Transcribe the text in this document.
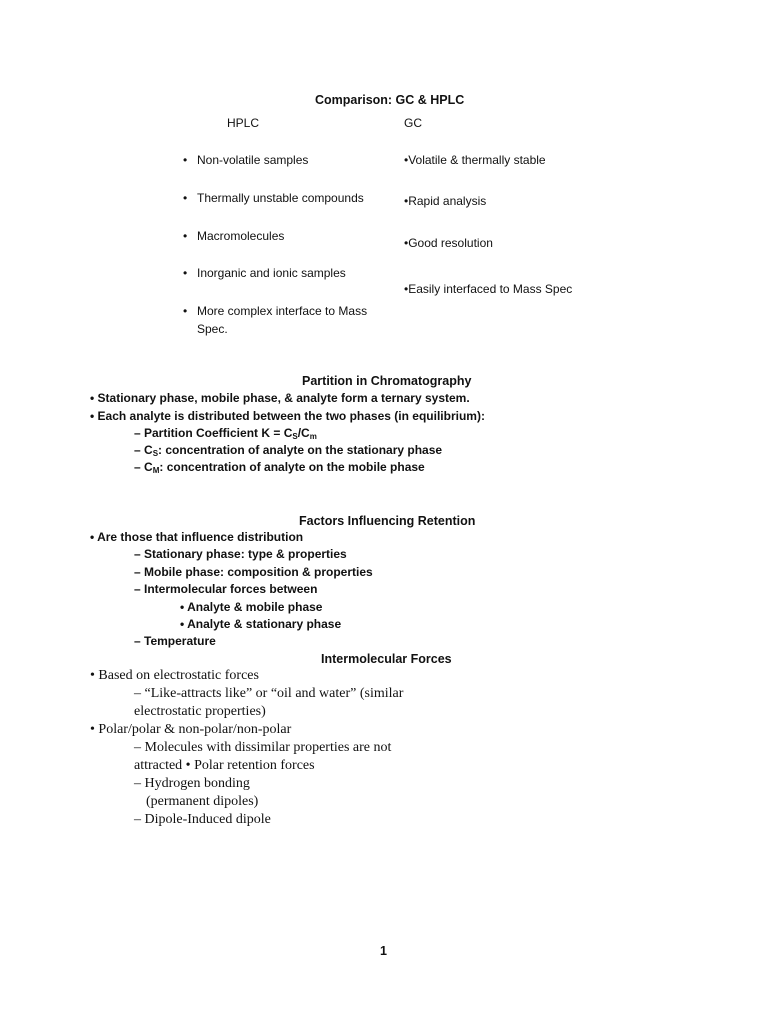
Comparison: GC & HPLC
HPLC	GC
• Non-volatile samples
• Thermally unstable compounds
• Macromolecules
• Inorganic and ionic samples
• More complex interface to Mass
Spec.
•Volatile & thermally stable
•Rapid analysis
•Good resolution
•Easily interfaced to Mass Spec
Partition in Chromatography
• Stationary phase, mobile phase, & analyte form a ternary system.
• Each analyte is distributed between the two phases (in equilibrium):
– Partition Coefficient $K = C_S/C_m$
– $C_S$: concentration of analyte on the stationary phase
– $C_M$: concentration of analyte on the mobile phase
Factors Influencing Retention
• Are those that influence distribution
– Stationary phase: type & properties
– Mobile phase: composition & properties
– Intermolecular forces between
• Analyte & mobile phase
• Analyte & stationary phase
– Temperature
Intermolecular Forces
• Based on electrostatic forces
– “Like-attracts like” or “oil and water” (similar
electrostatic properties)
• Polar/polar & non-polar/non-polar
– Molecules with dissimilar properties are not
attracted • Polar retention forces
– Hydrogen bonding
(permanent dipoles)
– Dipole-Induced dipole
1
